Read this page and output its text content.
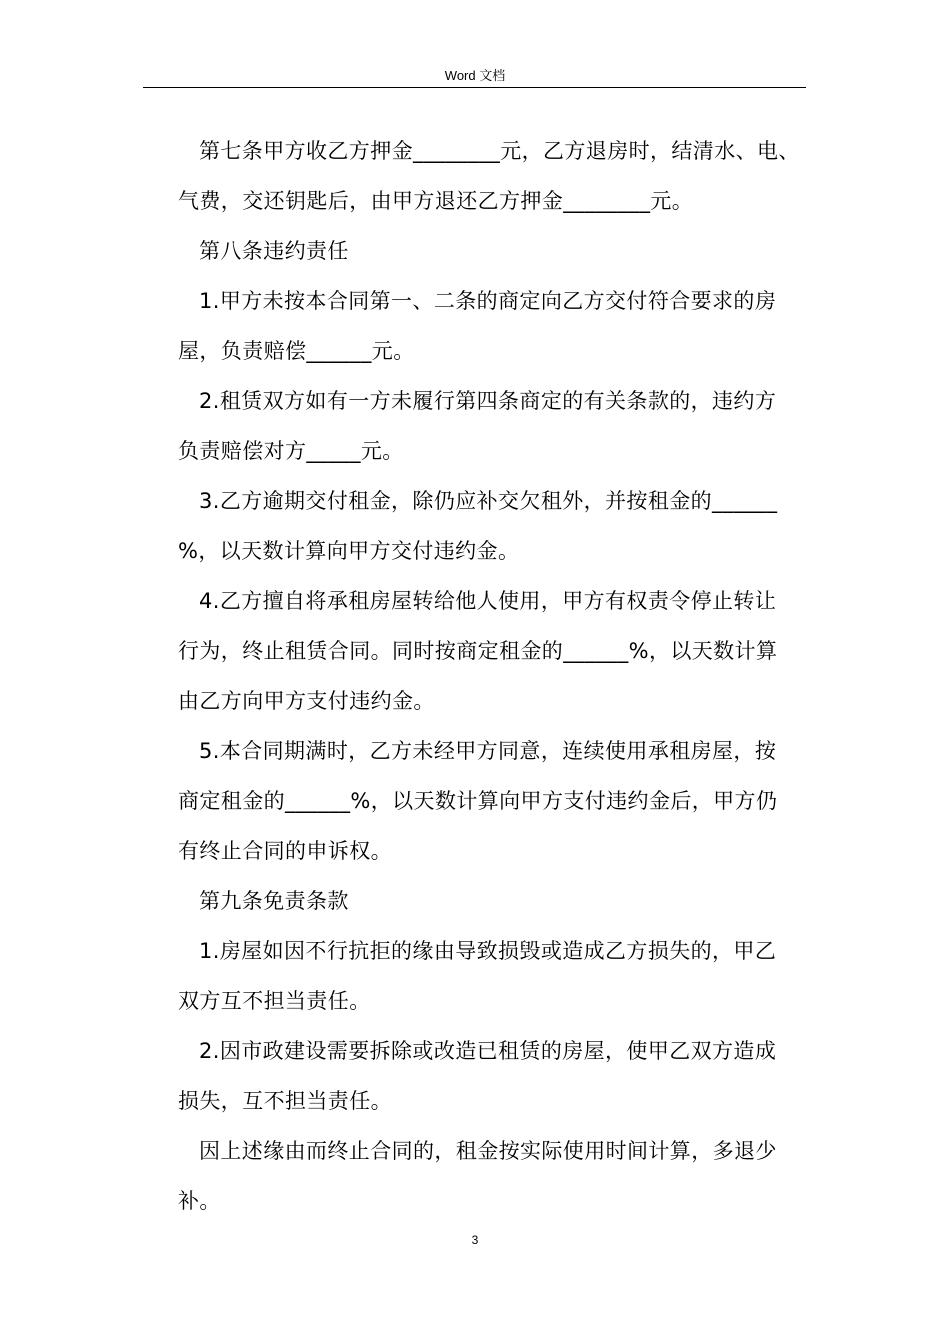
Word 文档
第七条甲方收乙方押金________元，乙方退房时，结清水、电、
气费，交还钥匙后，由甲方退还乙方押金________元。
第八条违约责任
1.甲方未按本合同第一、二条的商定向乙方交付符合要求的房
屋，负责赔偿______元。
2.租赁双方如有一方未履行第四条商定的有关条款的，违约方
负责赔偿对方_____元。
3.乙方逾期交付租金，除仍应补交欠租外，并按租金的______
%，以天数计算向甲方交付违约金。
4.乙方擅自将承租房屋转给他人使用，甲方有权责令停止转让
行为，终止租赁合同。同时按商定租金的______%，以天数计算
由乙方向甲方支付违约金。
5.本合同期满时，乙方未经甲方同意，连续使用承租房屋，按
商定租金的______%，以天数计算向甲方支付违约金后，甲方仍
有终止合同的申诉权。
第九条免责条款
1.房屋如因不行抗拒的缘由导致损毁或造成乙方损失的，甲乙
双方互不担当责任。
2.因市政建设需要拆除或改造已租赁的房屋，使甲乙双方造成
损失，互不担当责任。
因上述缘由而终止合同的，租金按实际使用时间计算，多退少
补。
3
